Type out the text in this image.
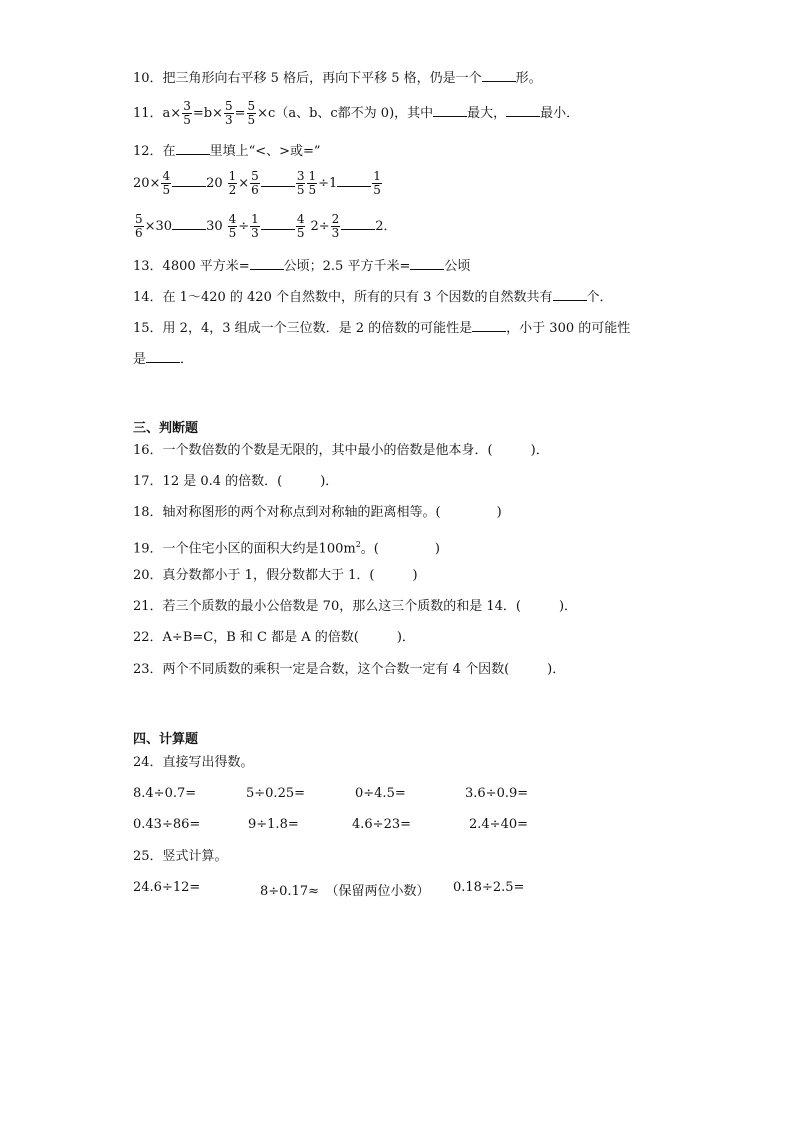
10．把三角形向右平移 5 格后，再向下平移 5 格，仍是一个	形。
11．$a\times \frac{3}{5} =b\times \frac{5}{3} = \frac{5}{5} \times c(a$、b、c都不为 0)，其中	最大，	最小．
12．在	里填上“<、>或=”
$20\times \frac{4}{5}$	$20 \frac{1}{2} \times \frac{5}{6}$	$\frac{3}{5} \frac{1}{5} \div 1$	$\frac{1}{5}$
$\frac{5}{6} \times 30$	$30 \frac{4}{5} \div \frac{1}{3}$	$\frac{4}{5} 2\div \frac{2}{3}$	2．
13．4800 平方米=	公顷；2.5 平方千米=	公顷
14．在 1～420 的 420 个自然数中，所有的只有 3 个因数的自然数共有	个．
15．用 2，4，3 组成一个三位数．是 2 的倍数的可能性是	，小于 300 的可能性
是	．
三、判断题
16．一个数倍数的个数是无限的，其中最小的倍数是他本身．(	)．
17．12 是 0.4 的倍数．(	)．
18．轴对称图形的两个对称点到对称轴的距离相等。(	)
19．一个住宅小区的面积大约是$100m^2$。(	)
20．真分数都小于 1，假分数都大于 1．(	)
21．若三个质数的最小公倍数是 70，那么这三个质数的和是 14．(	)．
22．A÷B=C，B 和 C 都是 A 的倍数(	)．
23．两个不同质数的乘积一定是合数，这个合数一定有 4 个因数(	)．
四、计算题
24．直接写出得数。
8.4÷0.7=	5÷0.25=	0÷4.5=	3.6÷0.9=
0.43÷86=	9÷1.8=	4.6÷23=	2.4÷40=
25．竖式计算。
24.6÷12=	8÷0.17≈　（保留两位小数） 0.18÷2.5=
